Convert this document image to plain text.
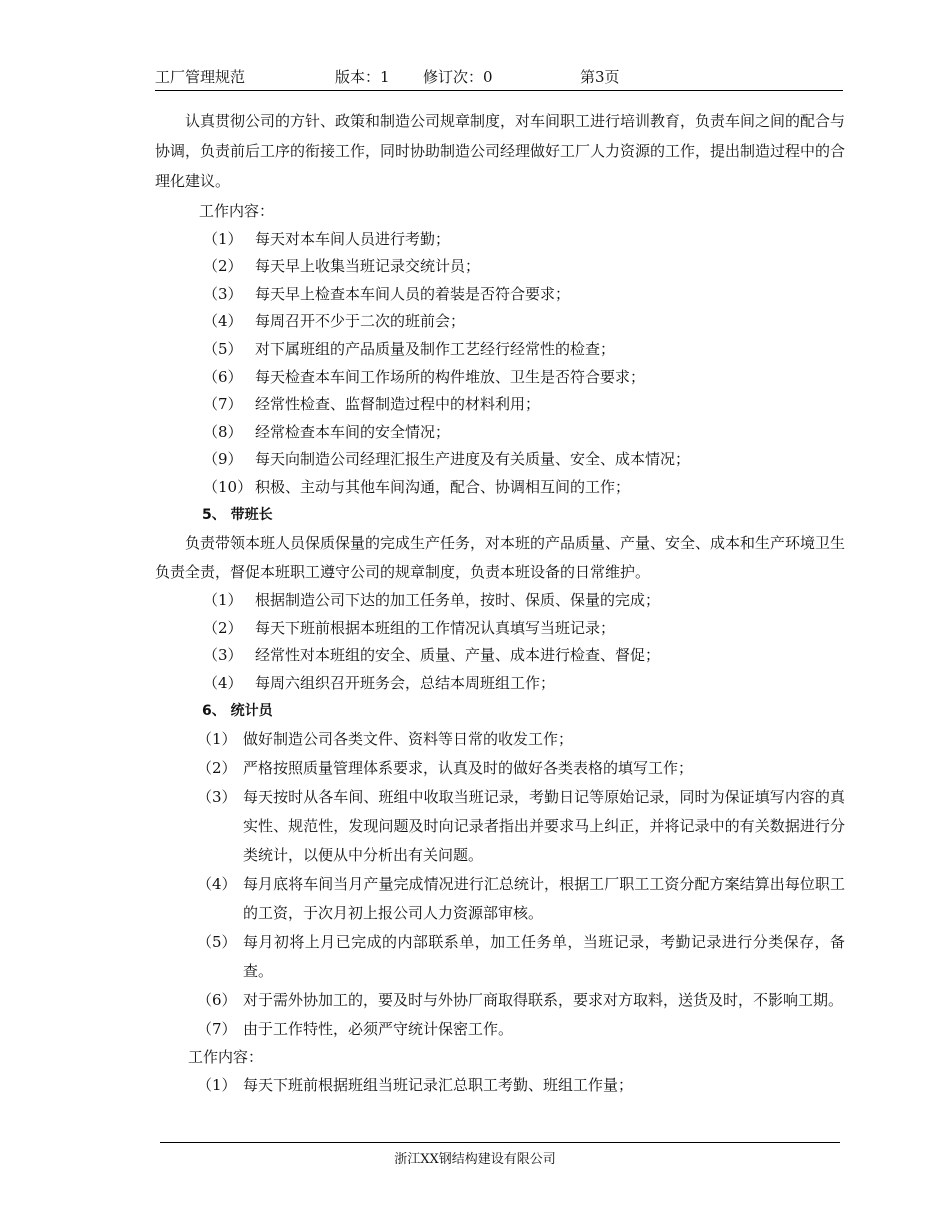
工厂管理规范	版本：1 修订次：0	第3页

认真贯彻公司的方针、政策和制造公司规章制度，对车间职工进行培训教育，负责车间之间的配合与协调，负责前后工序的衔接工作，同时协助制造公司经理做好工厂人力资源的工作，提出制造过程中的合理化建议。

工作内容：
（1） 每天对本车间人员进行考勤；
（2） 每天早上收集当班记录交统计员；
（3） 每天早上检查本车间人员的着装是否符合要求；
（4） 每周召开不少于二次的班前会；
（5） 对下属班组的产品质量及制作工艺经行经常性的检查；
（6） 每天检查本车间工作场所的构件堆放、卫生是否符合要求；
（7） 经常性检查、监督制造过程中的材料利用；
（8） 经常检查本车间的安全情况；
（9） 每天向制造公司经理汇报生产进度及有关质量、安全、成本情况；
（10） 积极、主动与其他车间沟通，配合、协调相互间的工作；
5、 带班长

负责带领本班人员保质保量的完成生产任务，对本班的产品质量、产量、安全、成本和生产环境卫生负责全责，督促本班职工遵守公司的规章制度，负责本班设备的日常维护。

（1） 根据制造公司下达的加工任务单，按时、保质、保量的完成；
（2） 每天下班前根据本班组的工作情况认真填写当班记录；
（3） 经常性对本班组的安全、质量、产量、成本进行检查、督促；
（4） 每周六组织召开班务会，总结本周班组工作；
6、 统计员
（1） 做好制造公司各类文件、资料等日常的收发工作；
（2） 严格按照质量管理体系要求，认真及时的做好各类表格的填写工作；
（3） 每天按时从各车间、班组中收取当班记录，考勤日记等原始记录，同时为保证填写内容的真实性、规范性，发现问题及时向记录者指出并要求马上纠正，并将记录中的有关数据进行分类统计，以便从中分析出有关问题。
（4） 每月底将车间当月产量完成情况进行汇总统计，根据工厂职工工资分配方案结算出每位职工的工资，于次月初上报公司人力资源部审核。
（5） 每月初将上月已完成的内部联系单，加工任务单，当班记录，考勤记录进行分类保存，备查。
（6） 对于需外协加工的，要及时与外协厂商取得联系，要求对方取料，送货及时，不影响工期。
（7） 由于工作特性，必须严守统计保密工作。
工作内容：
（1） 每天下班前根据班组当班记录汇总职工考勤、班组工作量；
浙江XX钢结构建设有限公司
